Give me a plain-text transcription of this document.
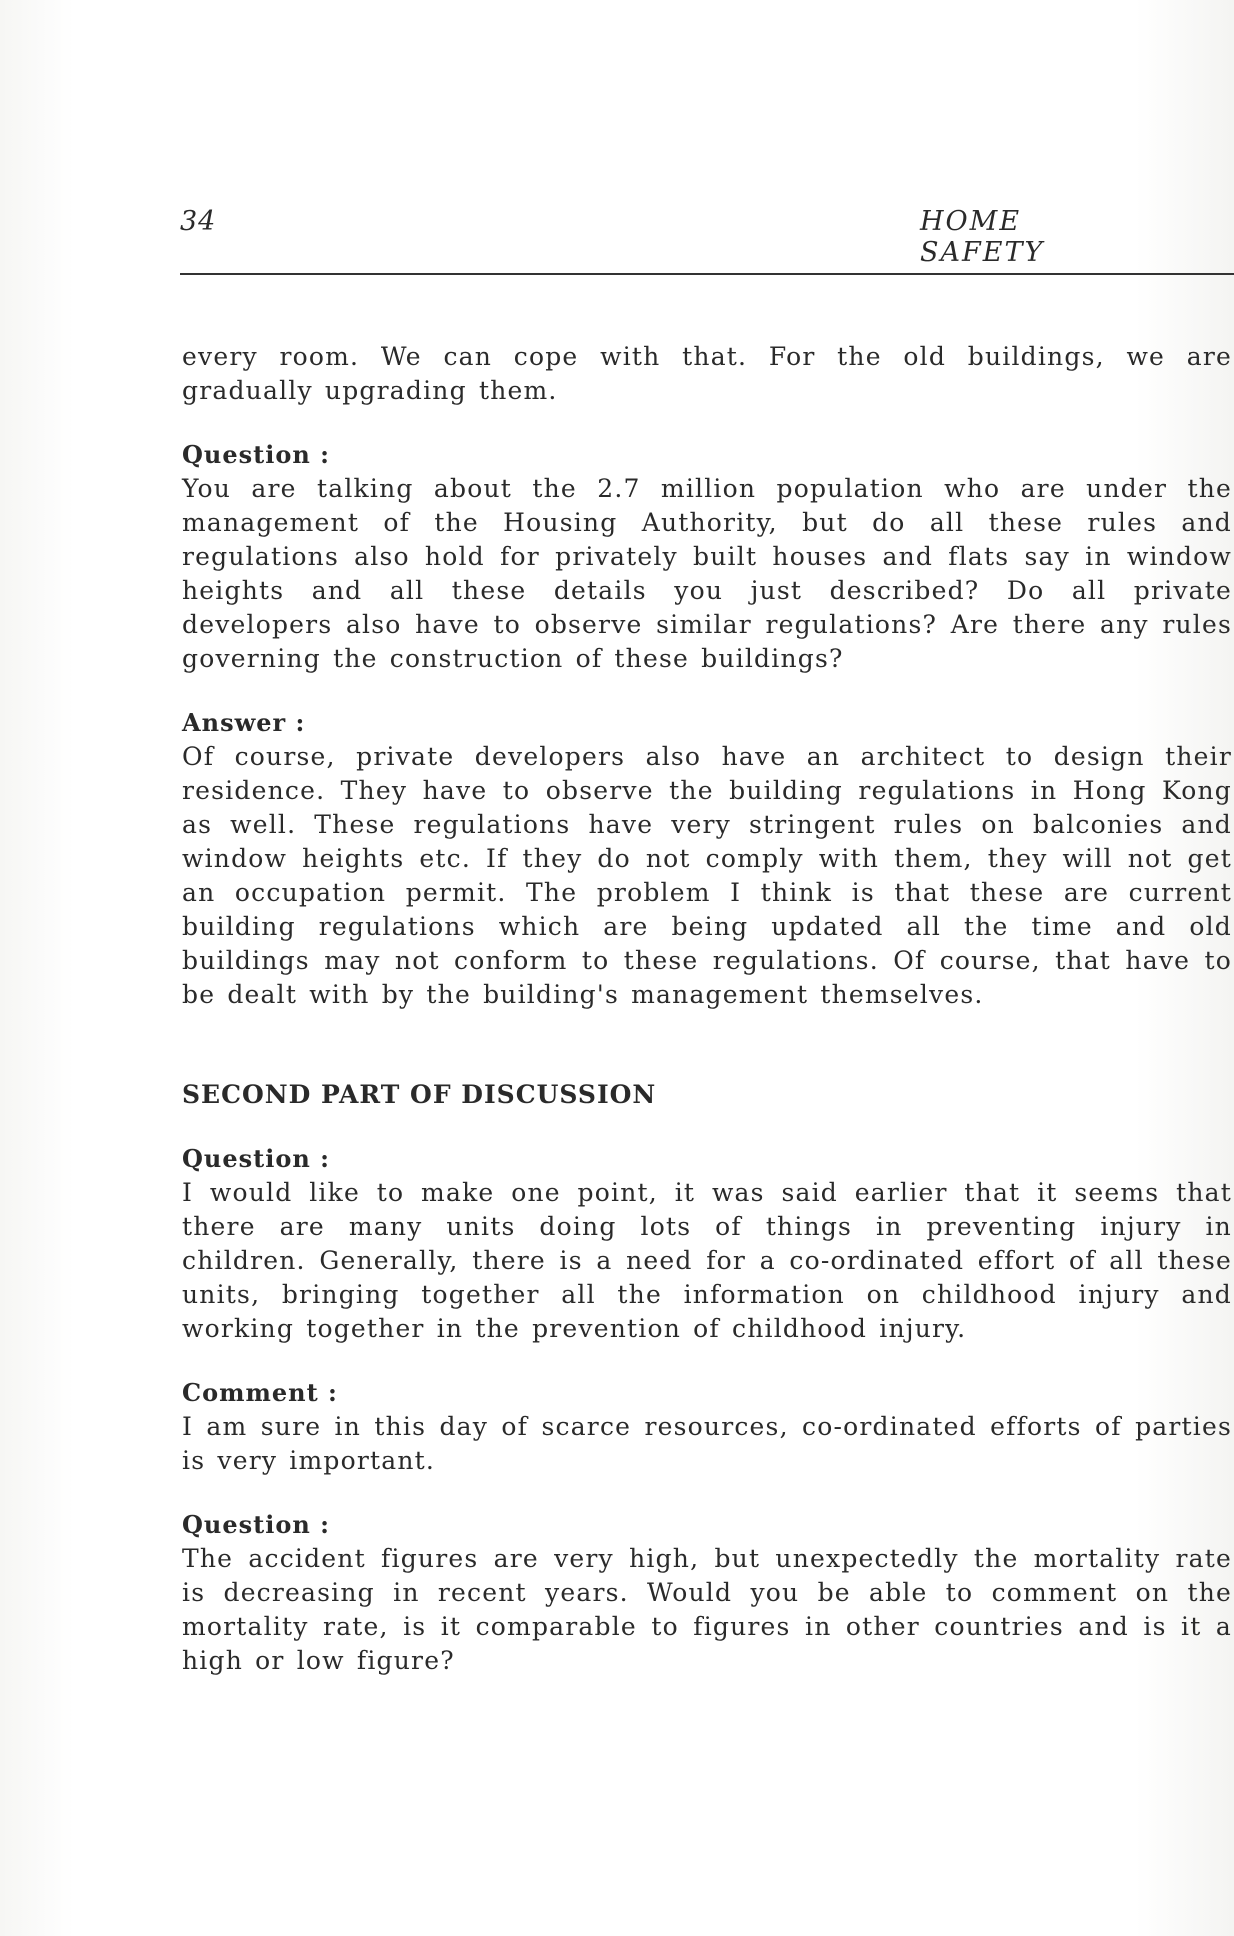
34	HOME SAFETY

every room. We can cope with that. For the old buildings, we are gradually upgrading them.

Question :

You are talking about the 2.7 million population who are under the management of the Housing Authority, but do all these rules and regulations also hold for privately built houses and flats say in window heights and all these details you just described? Do all private developers also have to observe similar regulations? Are there any rules governing the construction of these buildings?

Answer :

Of course, private developers also have an architect to design their residence. They have to observe the building regulations in Hong Kong as well. These regulations have very stringent rules on balconies and window heights etc. If they do not comply with them, they will not get an occupation permit. The problem I think is that these are current building regulations which are being updated all the time and old buildings may not conform to these regulations. Of course, that have to be dealt with by the building's management themselves.

SECOND PART OF DISCUSSION

Question :

I would like to make one point, it was said earlier that it seems that there are many units doing lots of things in preventing injury in children. Generally, there is a need for a co-ordinated effort of all these units, bringing together all the information on childhood injury and working together in the prevention of childhood injury.

Comment :

I am sure in this day of scarce resources, co-ordinated efforts of parties is very important.

Question :

The accident figures are very high, but unexpectedly the mortality rate is decreasing in recent years. Would you be able to comment on the mortality rate, is it comparable to figures in other countries and is it a high or low figure?
